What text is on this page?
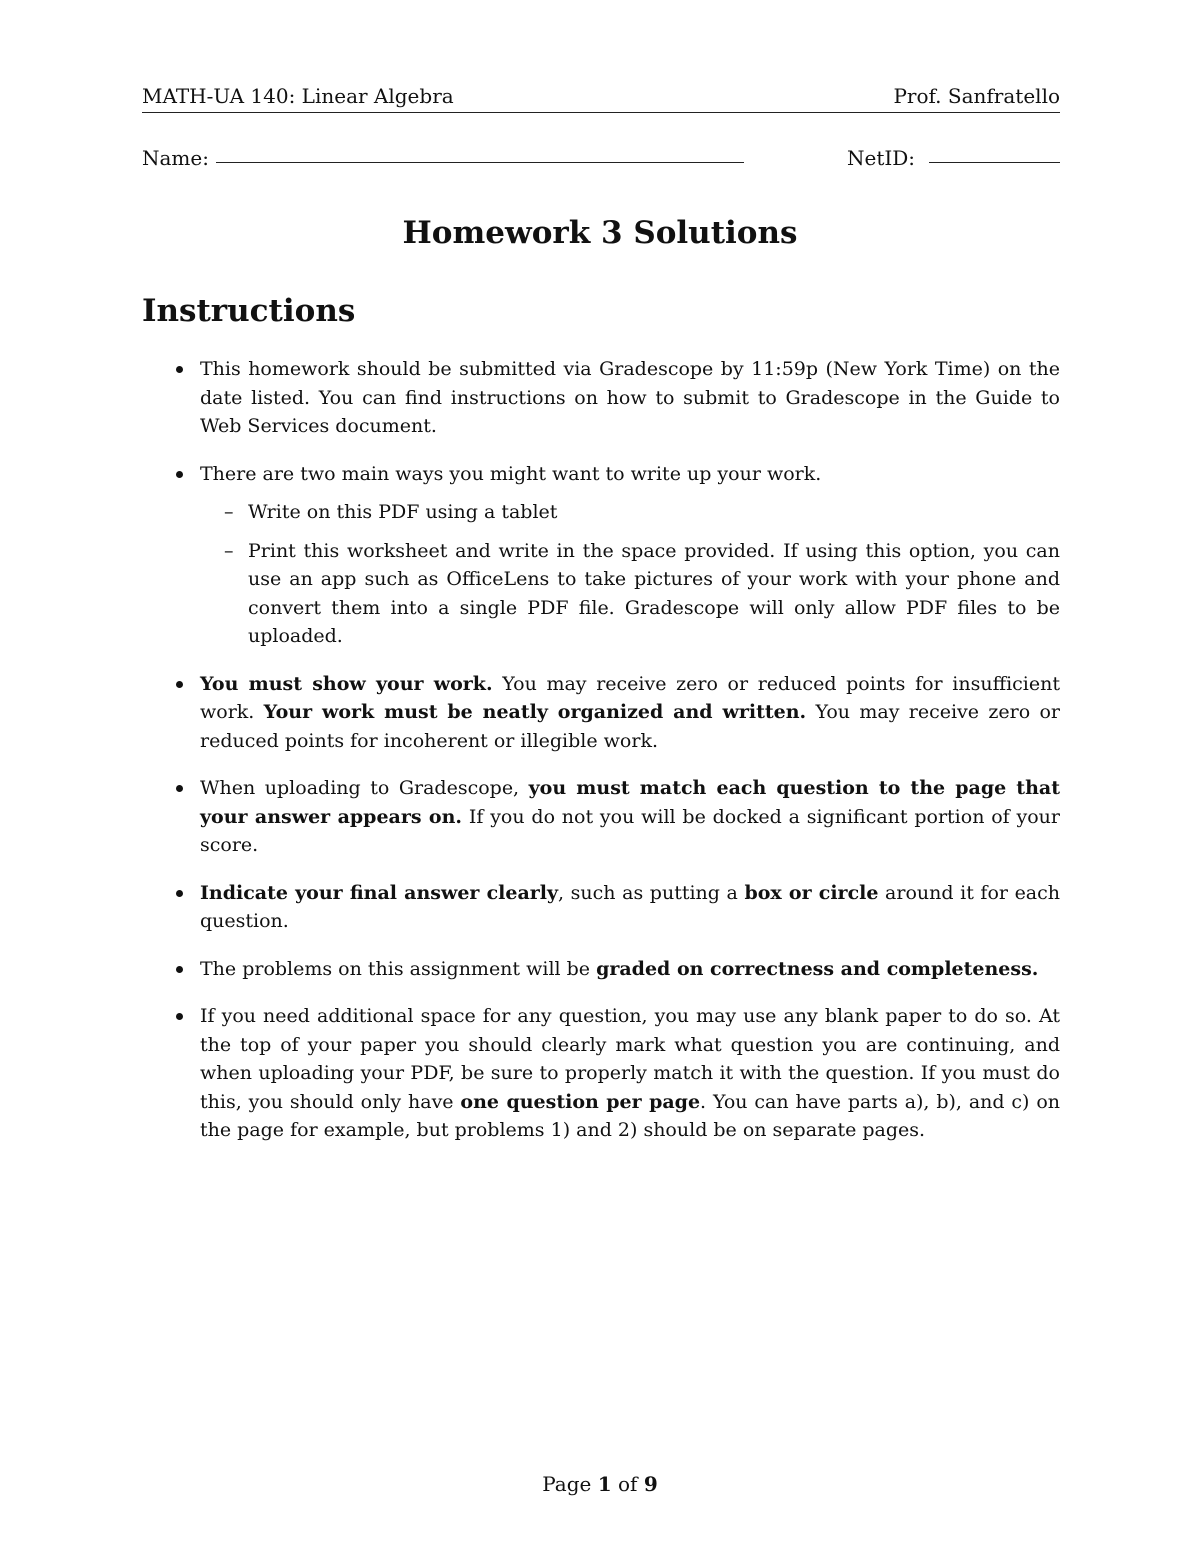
MATH-UA 140: Linear Algebra	Prof. Sanfratello
Name:	NetID:
Homework 3 Solutions
Instructions
This homework should be submitted via Gradescope by 11:59p (New York Time) on the date listed. You can find instructions on how to submit to Gradescope in the Guide to Web Services document.
There are two main ways you might want to write up your work.
– Write on this PDF using a tablet
– Print this worksheet and write in the space provided. If using this option, you can use an app such as OfficeLens to take pictures of your work with your phone and convert them into a single PDF file. Gradescope will only allow PDF files to be uploaded.
You must show your work. You may receive zero or reduced points for insufficient work. Your work must be neatly organized and written. You may receive zero or reduced points for incoherent or illegible work.
When uploading to Gradescope, you must match each question to the page that your answer appears on. If you do not you will be docked a significant portion of your score.
Indicate your final answer clearly, such as putting a box or circle around it for each question.
The problems on this assignment will be graded on correctness and completeness.
If you need additional space for any question, you may use any blank paper to do so. At the top of your paper you should clearly mark what question you are continuing, and when uploading your PDF, be sure to properly match it with the question. If you must do this, you should only have one question per page. You can have parts a), b), and c) on the page for example, but problems 1) and 2) should be on separate pages.
Page 1 of 9
